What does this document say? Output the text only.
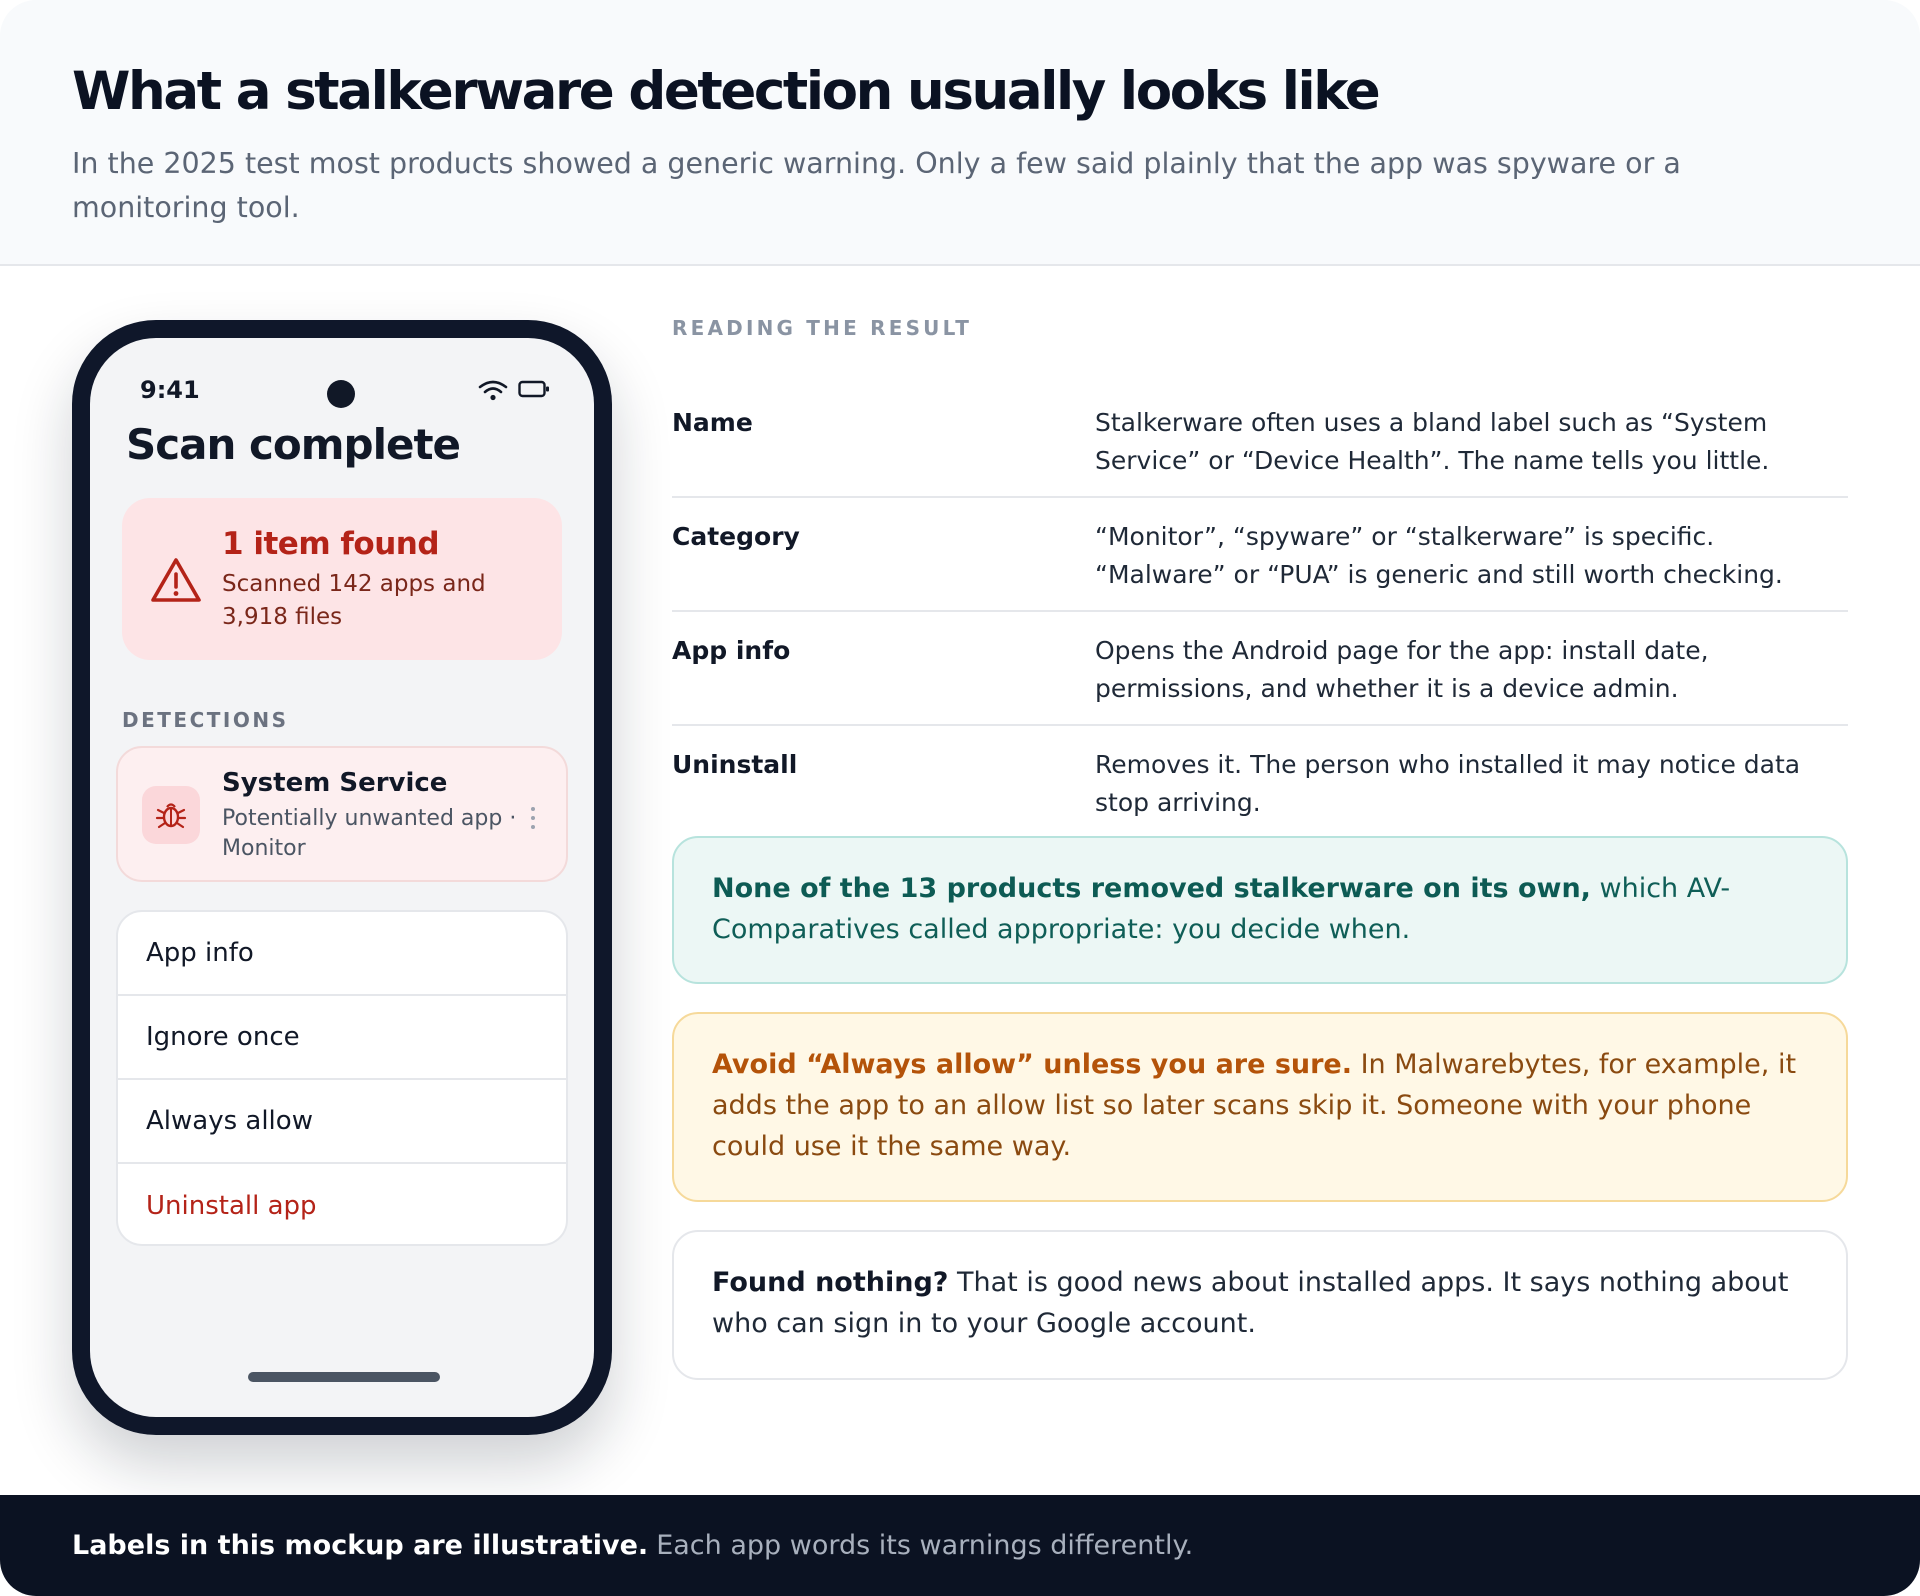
What a stalkerware detection usually looks like

In the 2025 test most products showed a generic warning. Only a few said plainly that the app was spyware or a monitoring tool.

9:41
Scan complete
1 item found
Scanned 142 apps and 3,918 files
DETECTIONS
System Service
Potentially unwanted app · Monitor
App info
Ignore once
Always allow
Uninstall app
READING THE RESULT
Name	Stalkerware often uses a bland label such as “System Service” or “Device Health”. The name tells you little.
Category	“Monitor”, “spyware” or “stalkerware” is specific. “Malware” or “PUA” is generic and still worth checking.
App info	Opens the Android page for the app: install date, permissions, and whether it is a device admin.
Uninstall	Removes it. The person who installed it may notice data stop arriving.
None of the 13 products removed stalkerware on its own, which AV-Comparatives called appropriate: you decide when.
Avoid “Always allow” unless you are sure. In Malwarebytes, for example, it adds the app to an allow list so later scans skip it. Someone with your phone could use it the same way.
Found nothing? That is good news about installed apps. It says nothing about who can sign in to your Google account.
Labels in this mockup are illustrative. Each app words its warnings differently.
